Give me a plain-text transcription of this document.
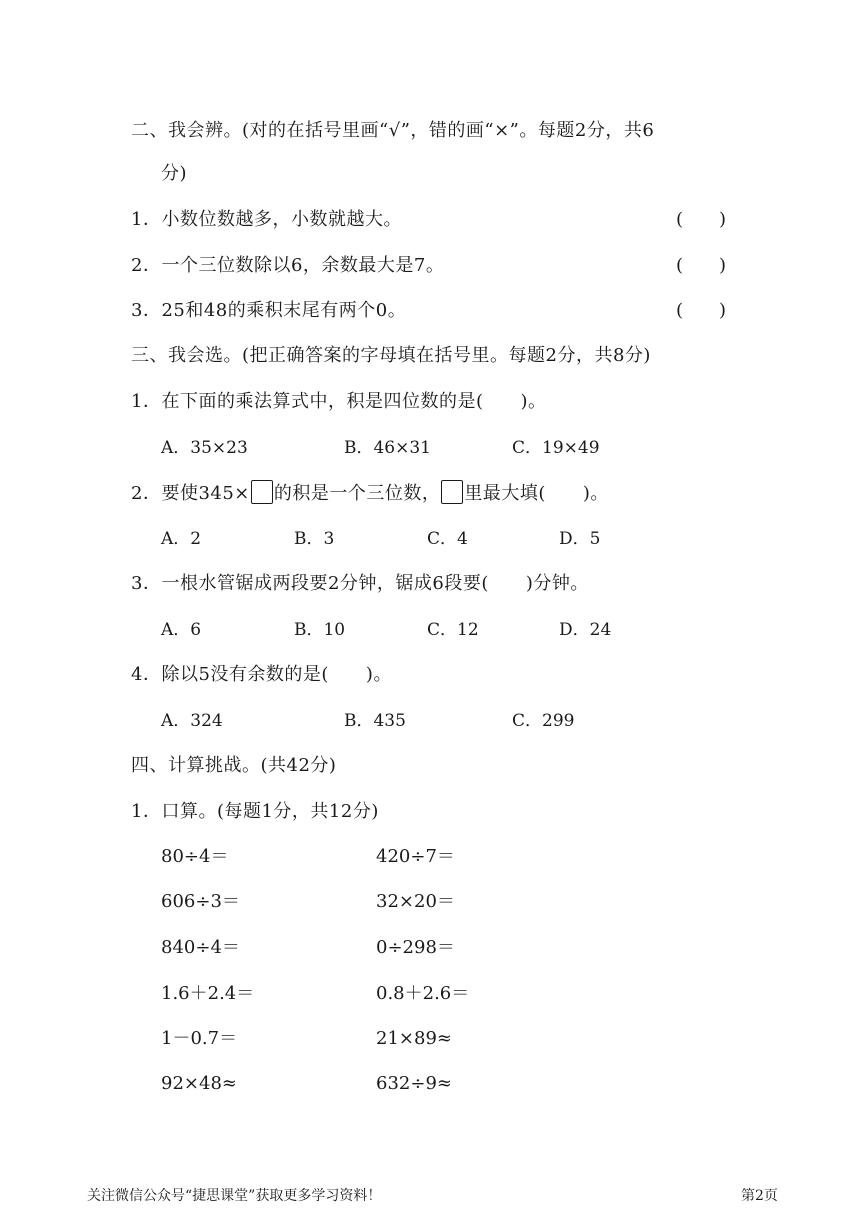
二、我会辨。(对的在括号里画“√”，错的画“×”。每题2分，共6
分)
1．小数位数越多，小数就越大。	(　　)
2．一个三位数除以6，余数最大是7。	(　　)
3．25和48的乘积末尾有两个0。	(　　)
三、我会选。(把正确答案的字母填在括号里。每题2分，共8分)
1．在下面的乘法算式中，积是四位数的是(　　)。
A．35×23	B．46×31	C．19×49
2．要使345× 的积是一个三位数， 里最大填(　　)。
A．2	B．3	C．4	D．5
3．一根水管锯成两段要2分钟，锯成6段要(　　)分钟。
A．6	B．10	C．12	D．24
4．除以5没有余数的是(　　)。
A．324	B．435	C．299
四、计算挑战。(共42分)
1．口算。(每题1分，共12分)
80÷4＝	420÷7＝
606÷3＝	32×20＝
840÷4＝	0÷298＝
1.6＋2.4＝	0.8＋2.6＝
1－0.7＝	21×89≈
92×48≈	632÷9≈
关注微信公众号“捷思课堂”获取更多学习资料！	第2页
